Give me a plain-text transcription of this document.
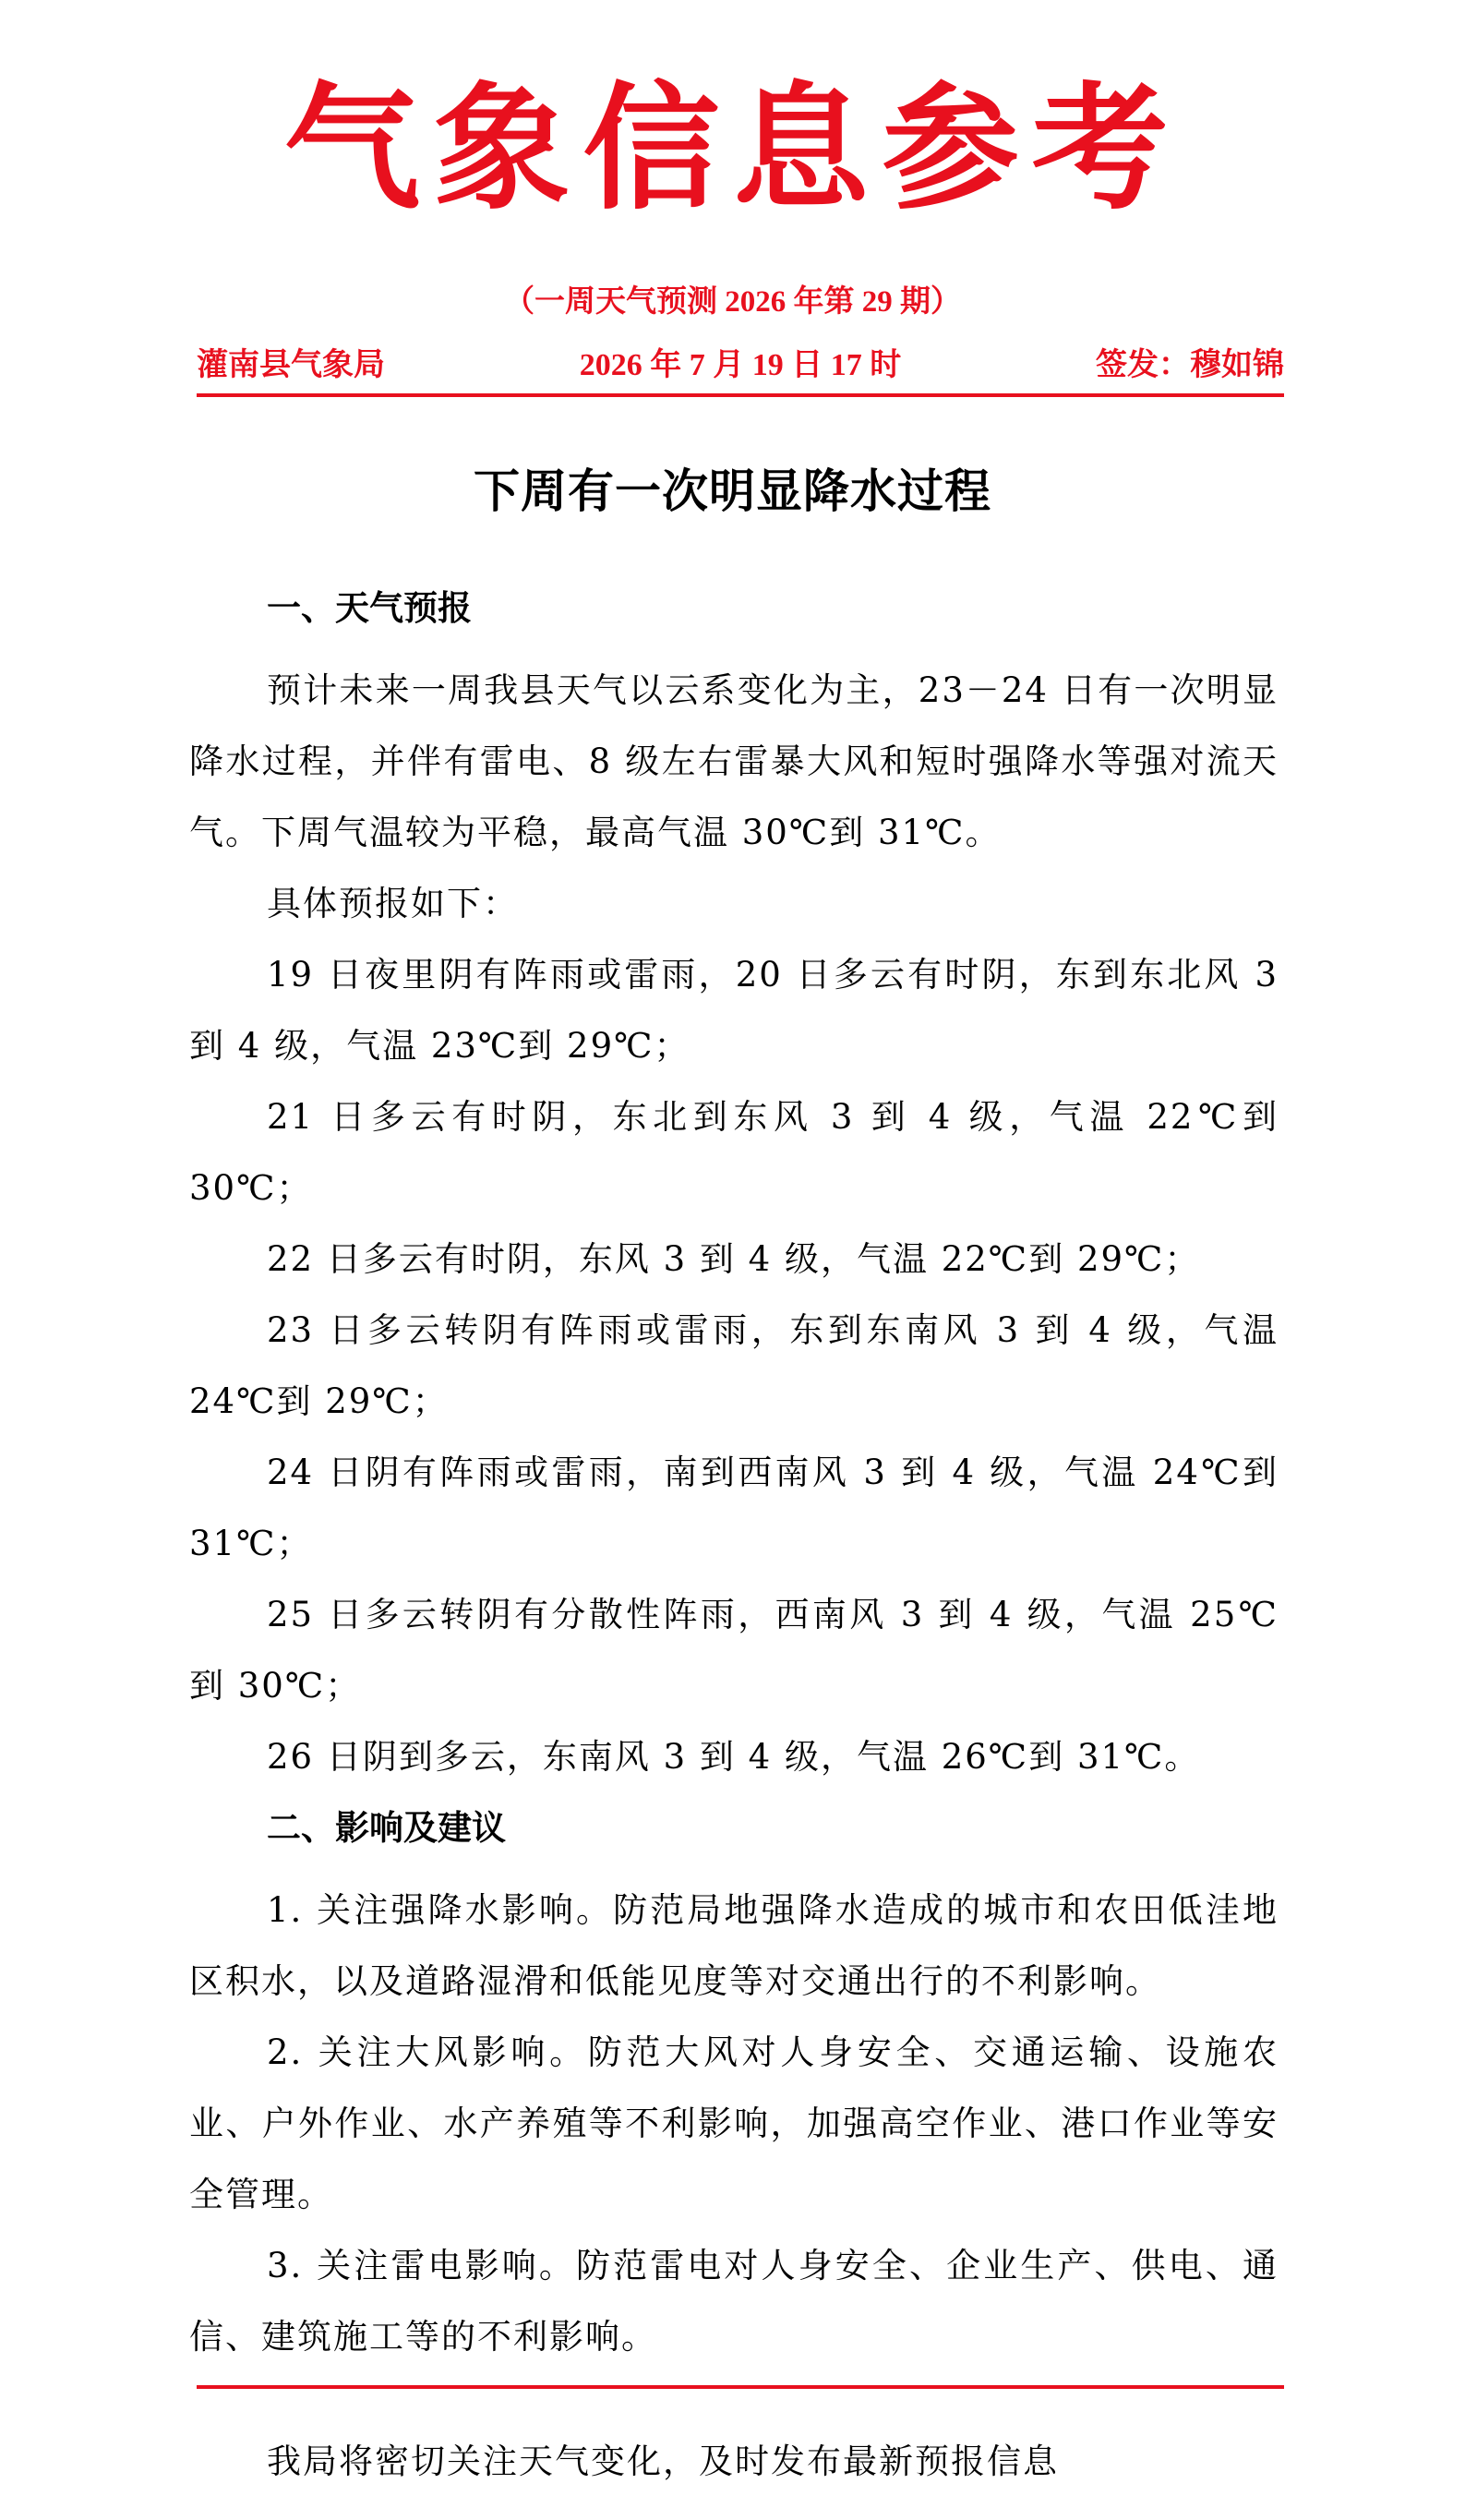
气象信息参考
（一周天气预测 2026 年第 29 期）
灌南县气象局	2026 年 7 月 19 日 17 时	签发：穆如锦
下周有一次明显降水过程

一、天气预报

预计未来一周我县天气以云系变化为主，23－24 日有一次明显降水过程，并伴有雷电、8 级左右雷暴大风和短时强降水等强对流天气。下周气温较为平稳，最高气温 30℃到 31℃。

具体预报如下：

19 日夜里阴有阵雨或雷雨，20 日多云有时阴，东到东北风 3 到 4 级，气温 23℃到 29℃；

21 日多云有时阴，东北到东风 3 到 4 级，气温 22℃到 30℃；

22 日多云有时阴，东风 3 到 4 级，气温 22℃到 29℃；

23 日多云转阴有阵雨或雷雨，东到东南风 3 到 4 级，气温 24℃到 29℃；

24 日阴有阵雨或雷雨，南到西南风 3 到 4 级，气温 24℃到 31℃；

25 日多云转阴有分散性阵雨，西南风 3 到 4 级，气温 25℃到 30℃；

26 日阴到多云，东南风 3 到 4 级，气温 26℃到 31℃。

二、影响及建议

1. 关注强降水影响。防范局地强降水造成的城市和农田低洼地区积水，以及道路湿滑和低能见度等对交通出行的不利影响。

2. 关注大风影响。防范大风对人身安全、交通运输、设施农业、户外作业、水产养殖等不利影响，加强高空作业、港口作业等安全管理。

3. 关注雷电影响。防范雷电对人身安全、企业生产、供电、通信、建筑施工等的不利影响。

我局将密切关注天气变化，及时发布最新预报信息
